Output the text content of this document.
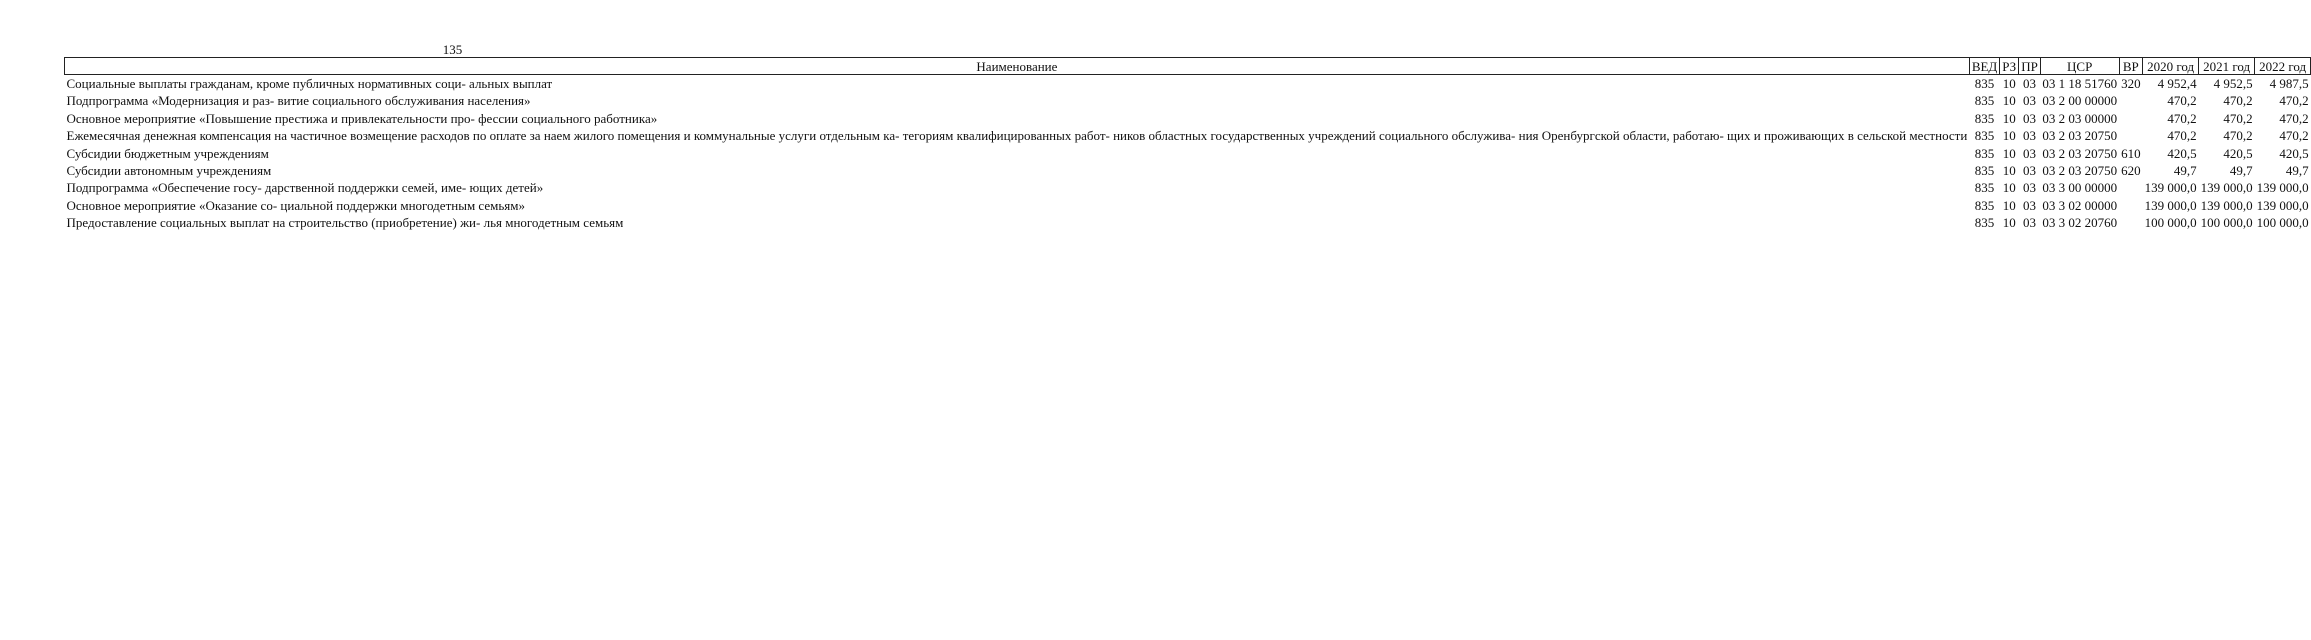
135
Наименование	ВЕД	РЗ	ПР	ЦСР	ВР	2020 год	2021 год	2022 год
Социальные выплаты гражданам, кроме публичных нормативных соци- альных выплат	835	10	03	03 1 18 51760	320	4 952,4	4 952,5	4 987,5
Подпрограмма «Модернизация и раз- витие социального обслуживания населения»	835	10	03	03 2 00 00000		470,2	470,2	470,2
Основное мероприятие «Повышение престижа и привлекательности про- фессии социального работника»	835	10	03	03 2 03 00000		470,2	470,2	470,2
Ежемесячная денежная компенсация на частичное возмещение расходов по оплате за наем жилого помещения и коммунальные услуги отдельным ка- тегориям квалифицированных работ- ников областных государственных учреждений социального обслужива- ния Оренбургской области, работаю- щих и проживающих в сельской местности	835	10	03	03 2 03 20750		470,2	470,2	470,2
Субсидии бюджетным учреждениям	835	10	03	03 2 03 20750	610	420,5	420,5	420,5
Субсидии автономным учреждениям	835	10	03	03 2 03 20750	620	49,7	49,7	49,7
Подпрограмма «Обеспечение госу- дарственной поддержки семей, име- ющих детей»	835	10	03	03 3 00 00000		139 000,0	139 000,0	139 000,0
Основное мероприятие «Оказание со- циальной поддержки многодетным семьям»	835	10	03	03 3 02 00000		139 000,0	139 000,0	139 000,0
Предоставление социальных выплат на строительство (приобретение) жи- лья многодетным семьям	835	10	03	03 3 02 20760		100 000,0	100 000,0	100 000,0
